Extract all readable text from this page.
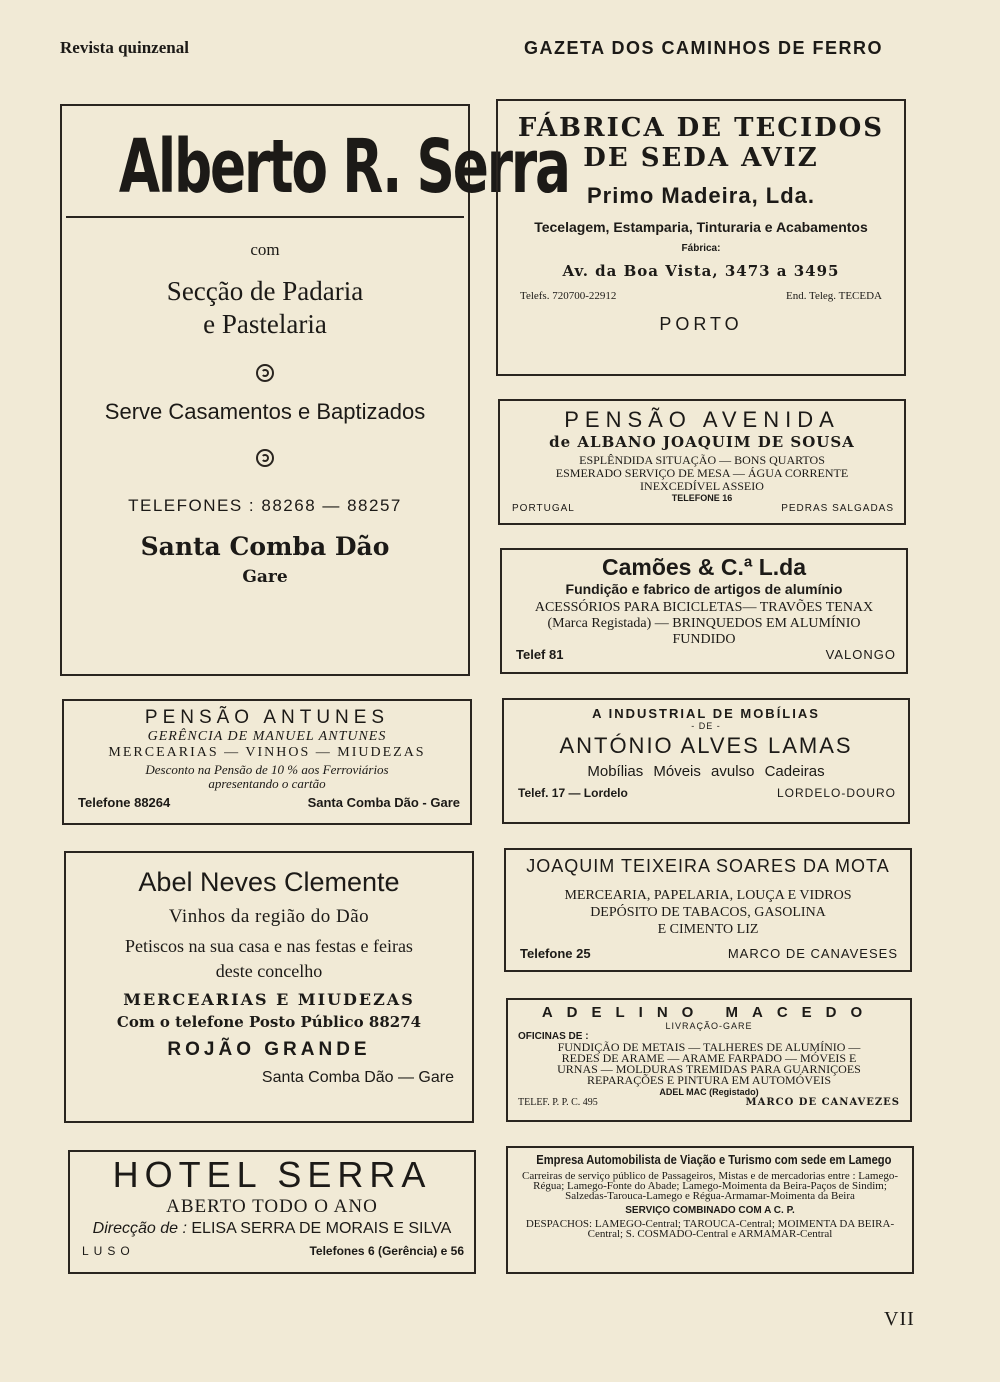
Revista quinzenal	GAZETA DOS CAMINHOS DE FERRO
Alberto R. Serra
com
Secção de Padaria
e Pastelaria
Serve Casamentos e Baptizados
TELEFONES : 88268 — 88257
Santa Comba Dão
Gare
FÁBRICA DE TECIDOS
DE SEDA AVIZ
Primo Madeira, Lda.
Tecelagem, Estamparia, Tinturaria e Acabamentos
Fábrica:
Av. da Boa Vista, 3473 a 3495
Telefs. 720700-22912	End. Teleg. TECEDA
PORTO
PENSÃO AVENIDA
de ALBANO JOAQUIM DE SOUSA
ESPLÊNDIDA SITUAÇÃO — BONS QUARTOS
ESMERADO SERVIÇO DE MESA — ÁGUA CORRENTE
INEXCEDÍVEL ASSEIO
TELEFONE 16
PORTUGAL	PEDRAS SALGADAS
Camões & C.ª L.da
Fundição e fabrico de artigos de alumínio
ACESSÓRIOS PARA BICICLETAS— TRAVÕES TENAX
(Marca Registada) — BRINQUEDOS EM ALUMÍNIO
FUNDIDO
Telef 81	VALONGO
PENSÃO ANTUNES
GERÊNCIA DE MANUEL ANTUNES
MERCEARIAS — VINHOS — MIUDEZAS
Desconto na Pensão de 10 % aos Ferroviários
apresentando o cartão
Telefone 88264	Santa Comba Dão - Gare
A INDUSTRIAL DE MOBÍLIAS
- DE -
ANTÓNIO ALVES LAMAS
Mobílias Móveis avulso Cadeiras
Telef. 17 — Lordelo	LORDELO-DOURO
Abel Neves Clemente
Vinhos da região do Dão
Petiscos na sua casa e nas festas e feiras
deste concelho
MERCEARIAS E MIUDEZAS
Com o telefone Posto Público 88274
ROJÃO GRANDE
Santa Comba Dão — Gare
JOAQUIM TEIXEIRA SOARES DA MOTA
MERCEARIA, PAPELARIA, LOUÇA E VIDROS
DEPÓSITO DE TABACOS, GASOLINA
E CIMENTO LIZ
Telefone 25	MARCO DE CANAVESES
ADELINO MACEDO
LIVRAÇÃO-GARE
OFICINAS DE :
FUNDIÇÃO DE METAIS — TALHERES DE ALUMÍNIO —
REDES DE ARAME — ARAME FARPADO — MÓVEIS E
URNAS — MOLDURAS TREMIDAS PARA GUARNIÇOES
REPARAÇÕES E PINTURA EM AUTOMÓVEIS
ADEL MAC (Registado)
TELEF. P. P. C. 495	MARCO DE CANAVEZES
HOTEL SERRA
ABERTO TODO O ANO
Direcção de : ELISA SERRA DE MORAIS E SILVA
LUSO	Telefones 6 (Gerência) e 56
Empresa Automobilista de Viação e Turismo com sede em Lamego
Carreiras de serviço público de Passageiros, Mistas e de mercadorias entre : Lamego-Régua; Lamego-Fonte do Abade; Lamego-Moimenta da Beira-Paços de Sindim; Salzedas-Tarouca-Lamego e Régua-Armamar-Moimenta da Beira
SERVIÇO COMBINADO COM A C. P.
DESPACHOS: LAMEGO-Central; TAROUCA-Central; MOIMENTA DA BEIRA-Central; S. COSMADO-Central e ARMAMAR-Central
VII
